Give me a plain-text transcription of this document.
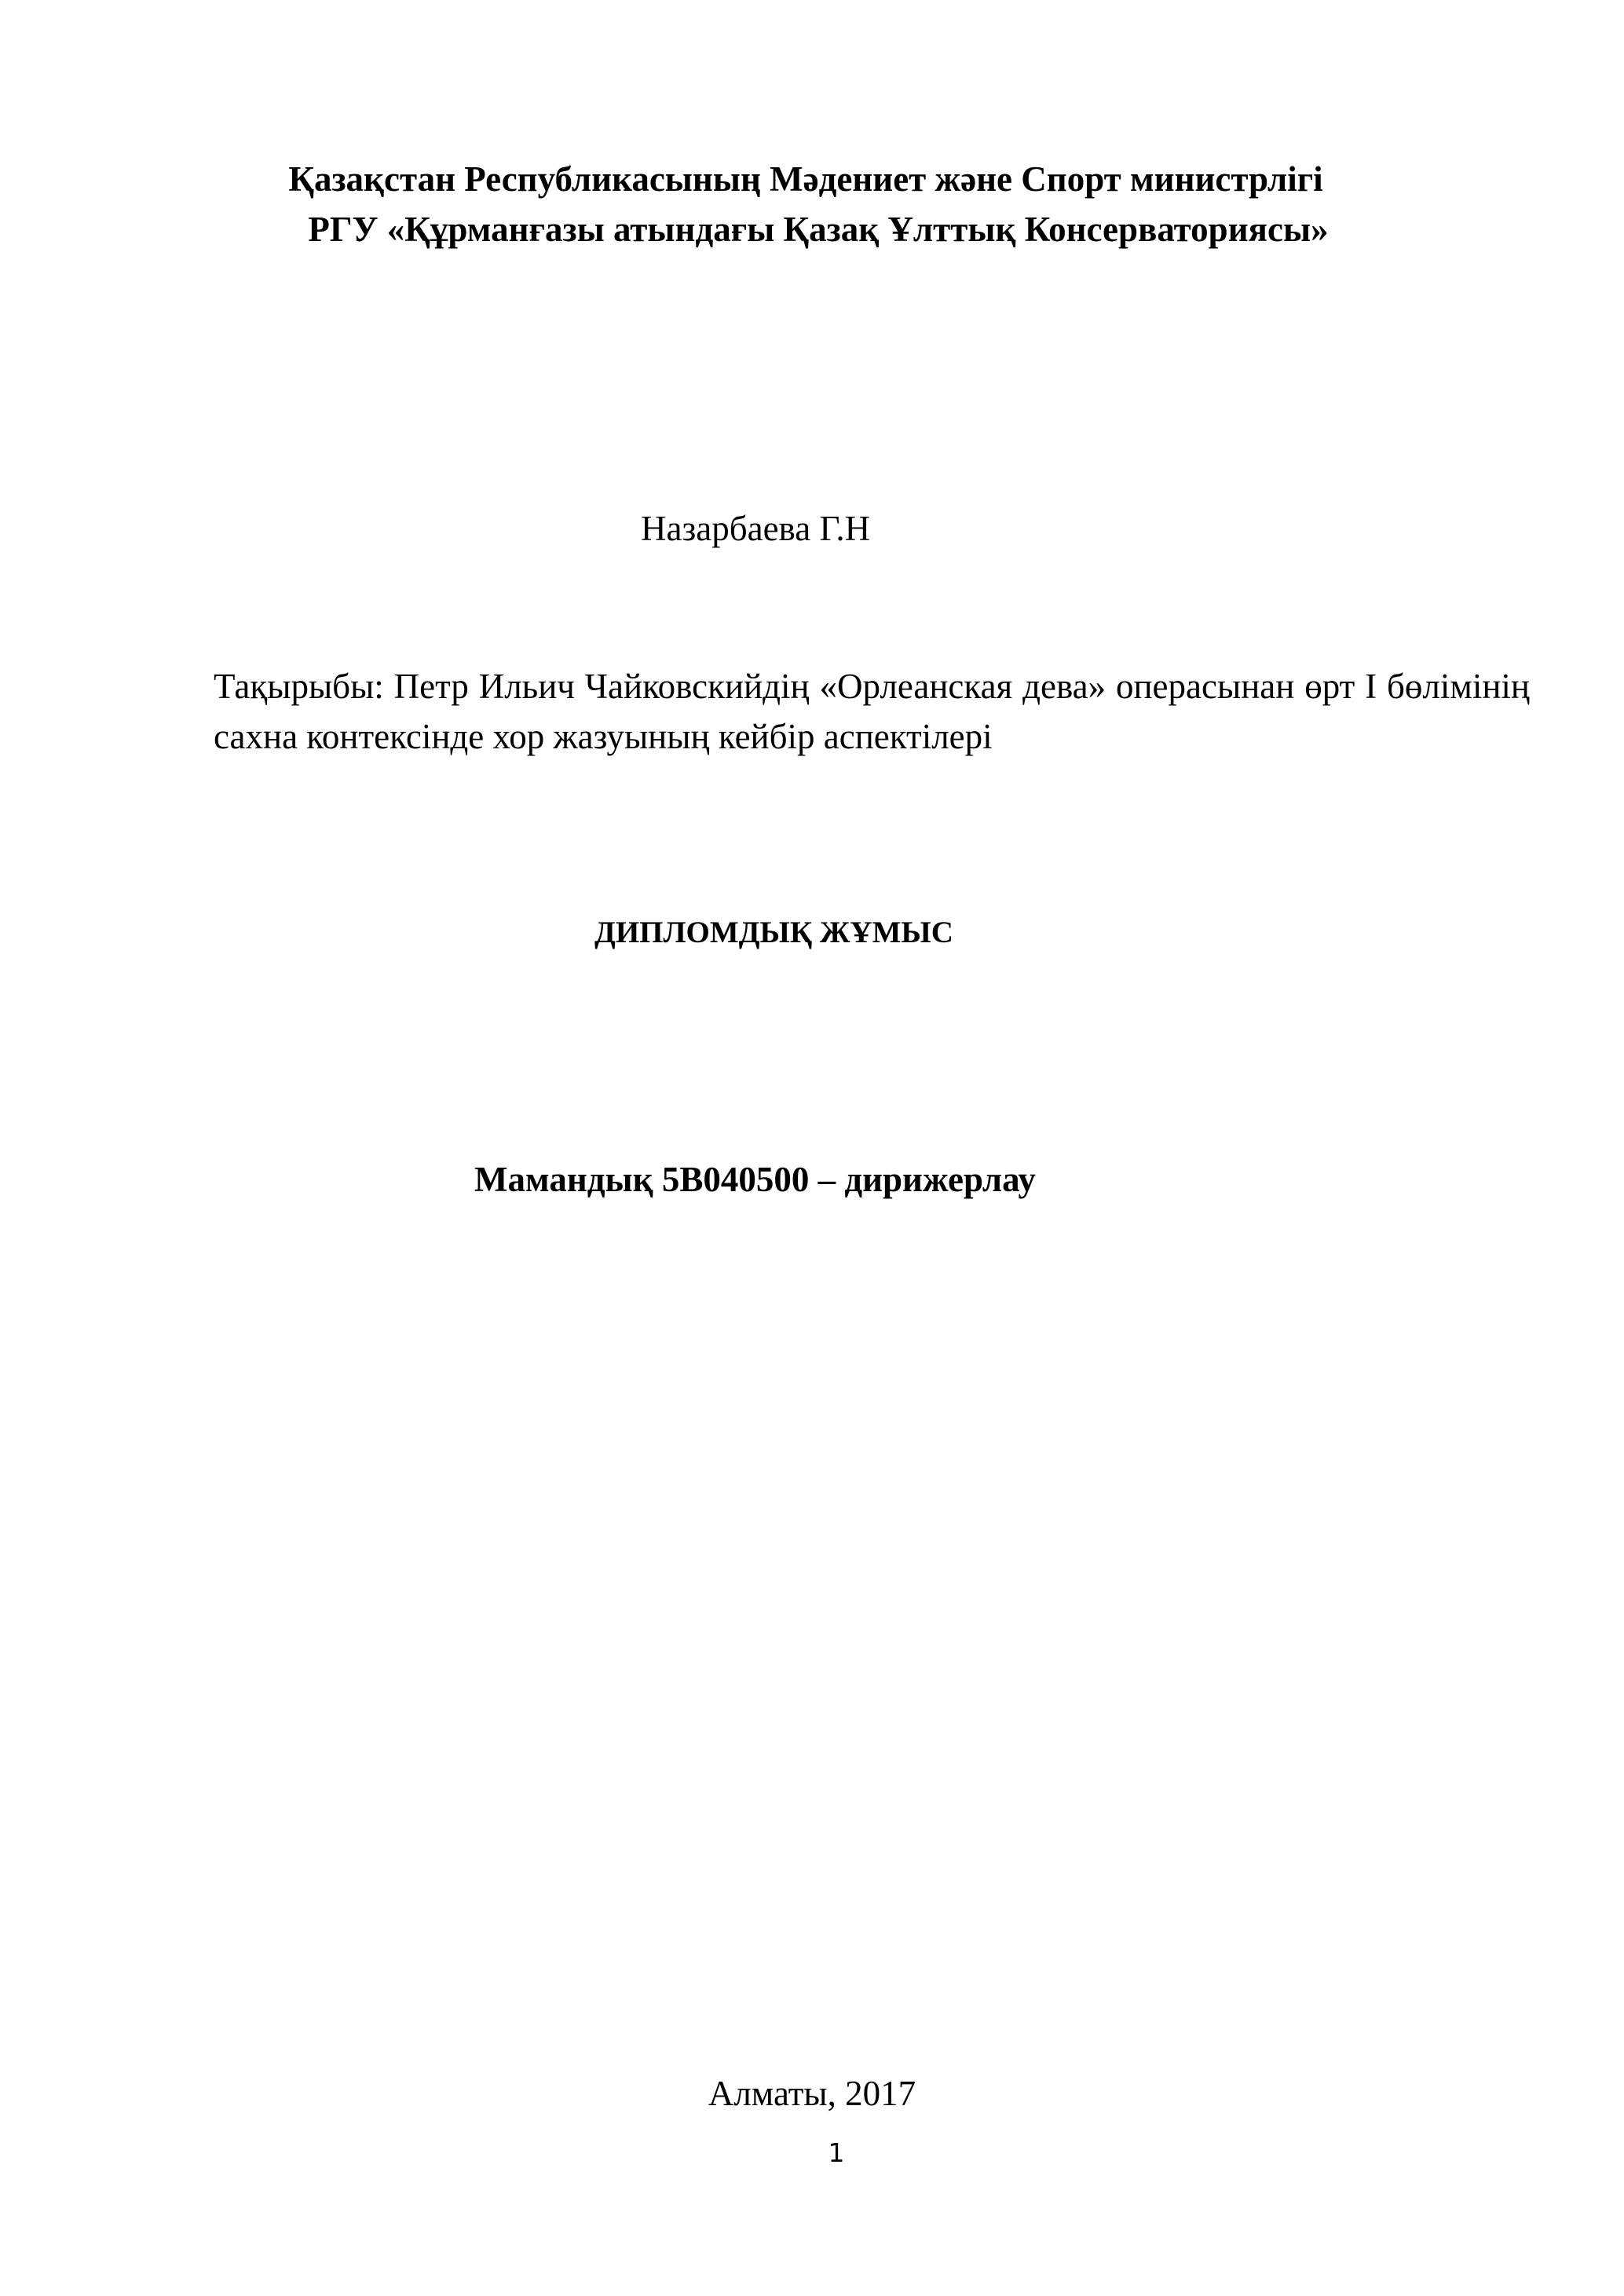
Қазақстан Республикасының Мәдениет және Спорт министрлігі
РГУ «Құрманғазы атындағы Қазақ Ұлттық Консерваториясы»

Назарбаева Г.Н

Тақырыбы: Петр Ильич Чайковскийдің «Орлеанская дева» операсынан өрт І бөлімінің сахна контексінде хор жазуының кейбір аспектілері

ДИПЛОМДЫҚ ЖҰМЫС

Мамандық 5В040500 – дирижерлау

Алматы, 2017

1
